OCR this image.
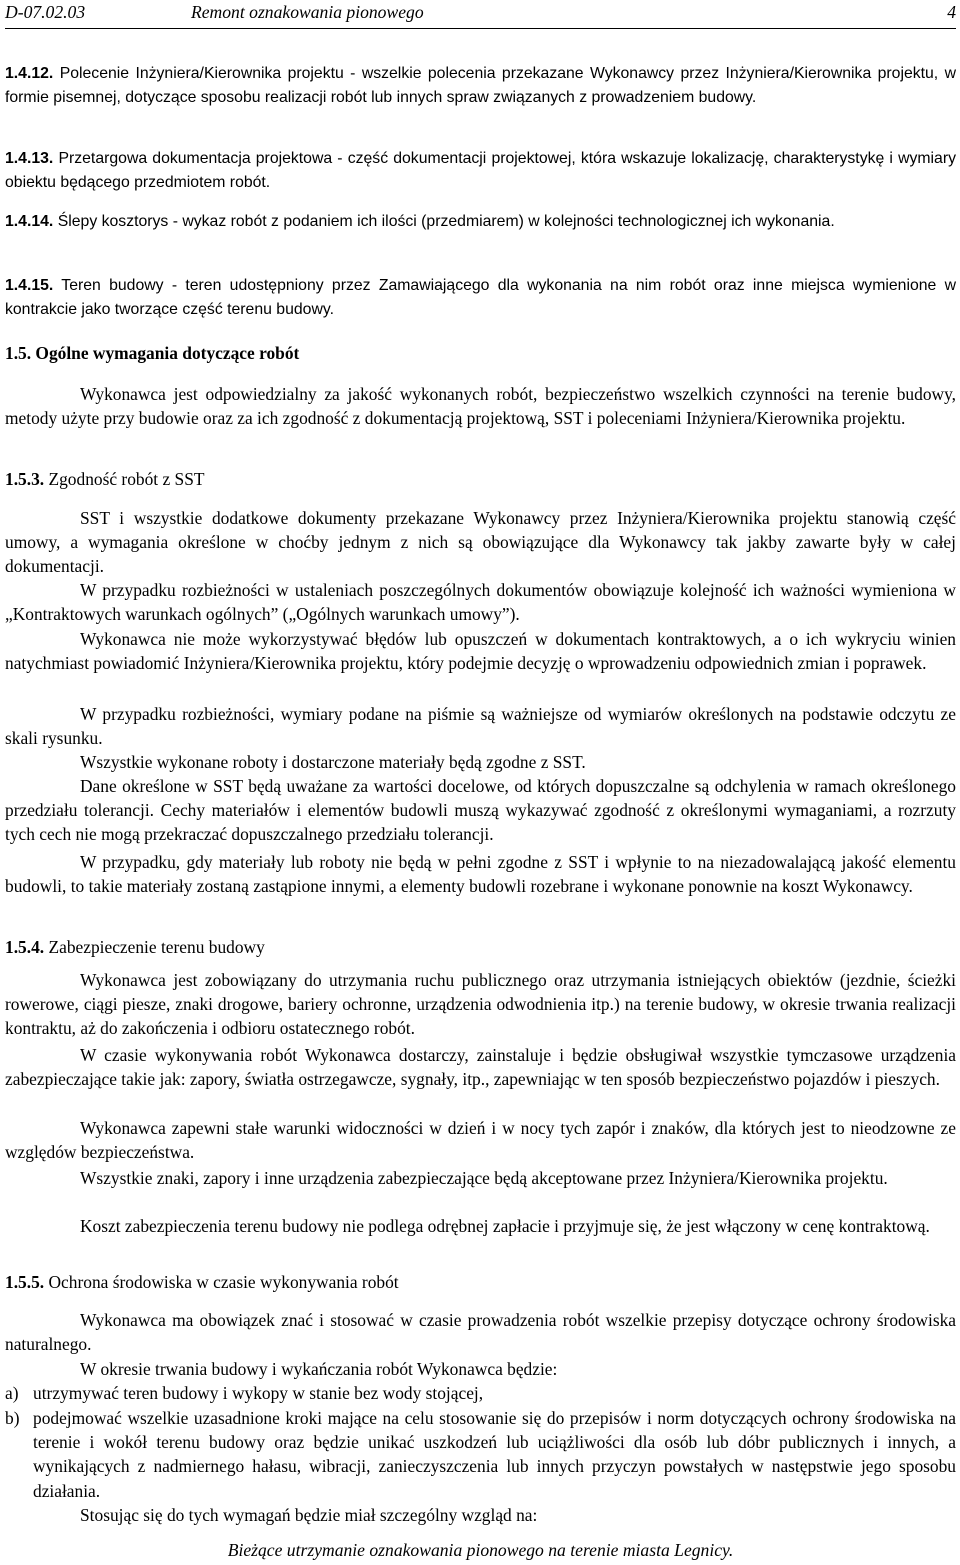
D-07.02.03	Remont oznakowania pionowego	4
1.4.12. Polecenie Inżyniera/Kierownika projektu - wszelkie polecenia przekazane Wykonawcy przez Inżyniera/Kierownika projektu, w formie pisemnej, dotyczące sposobu realizacji robót lub innych spraw związanych z prowadzeniem budowy.
1.4.13. Przetargowa dokumentacja projektowa - część dokumentacji projektowej, która wskazuje lokalizację, charakterystykę i wymiary obiektu będącego przedmiotem robót.
1.4.14. Ślepy kosztorys - wykaz robót z podaniem ich ilości (przedmiarem) w kolejności technologicznej ich wykonania.
1.4.15. Teren budowy - teren udostępniony przez Zamawiającego dla wykonania na nim robót oraz inne miejsca wymienione w kontrakcie jako tworzące część terenu budowy.
1.5. Ogólne wymagania dotyczące robót
Wykonawca jest odpowiedzialny za jakość wykonanych robót, bezpieczeństwo wszelkich czynności na terenie budowy, metody użyte przy budowie oraz za ich zgodność z dokumentacją projektową, SST i poleceniami Inżyniera/Kierownika projektu.
1.5.3. Zgodność robót z SST
SST i wszystkie dodatkowe dokumenty przekazane Wykonawcy przez Inżyniera/Kierownika projektu stanowią część umowy, a wymagania określone w choćby jednym z nich są obowiązujące dla Wykonawcy tak jakby zawarte były w całej dokumentacji.
W przypadku rozbieżności w ustaleniach poszczególnych dokumentów obowiązuje kolejność ich ważności wymieniona w „Kontraktowych warunkach ogólnych” („Ogólnych warunkach umowy”).
Wykonawca nie może wykorzystywać błędów lub opuszczeń w dokumentach kontraktowych, a o ich wykryciu winien natychmiast powiadomić Inżyniera/Kierownika projektu, który podejmie decyzję o wprowadzeniu odpowiednich zmian i poprawek.
W przypadku rozbieżności, wymiary podane na piśmie są ważniejsze od wymiarów określonych na podstawie odczytu ze skali rysunku.
Wszystkie wykonane roboty i dostarczone materiały będą zgodne z SST.
Dane określone w SST będą uważane za wartości docelowe, od których dopuszczalne są odchylenia w ramach określonego przedziału tolerancji. Cechy materiałów i elementów budowli muszą wykazywać zgodność z określonymi wymaganiami, a rozrzuty tych cech nie mogą przekraczać dopuszczalnego przedziału tolerancji.
W przypadku, gdy materiały lub roboty nie będą w pełni zgodne z SST i wpłynie to na niezadowalającą jakość elementu budowli, to takie materiały zostaną zastąpione innymi, a elementy budowli rozebrane i wykonane ponownie na koszt Wykonawcy.
1.5.4. Zabezpieczenie terenu budowy
Wykonawca jest zobowiązany do utrzymania ruchu publicznego oraz utrzymania istniejących obiektów (jezdnie, ścieżki rowerowe, ciągi piesze, znaki drogowe, bariery ochronne, urządzenia odwodnienia itp.) na terenie budowy, w okresie trwania realizacji kontraktu, aż do zakończenia i odbioru ostatecznego robót.
W czasie wykonywania robót Wykonawca dostarczy, zainstaluje i będzie obsługiwał wszystkie tymczasowe urządzenia zabezpieczające takie jak: zapory, światła ostrzegawcze, sygnały, itp., zapewniając w ten sposób bezpieczeństwo pojazdów i pieszych.
Wykonawca zapewni stałe warunki widoczności w dzień i w nocy tych zapór i znaków, dla których jest to nieodzowne ze względów bezpieczeństwa.
Wszystkie znaki, zapory i inne urządzenia zabezpieczające będą akceptowane przez Inżyniera/Kierownika projektu.
Koszt zabezpieczenia terenu budowy nie podlega odrębnej zapłacie i przyjmuje się, że jest włączony w cenę kontraktową.
1.5.5. Ochrona środowiska w czasie wykonywania robót
Wykonawca ma obowiązek znać i stosować w czasie prowadzenia robót wszelkie przepisy dotyczące ochrony środowiska naturalnego.
W okresie trwania budowy i wykańczania robót Wykonawca będzie:
a) utrzymywać teren budowy i wykopy w stanie bez wody stojącej,
b) podejmować wszelkie uzasadnione kroki mające na celu stosowanie się do przepisów i norm dotyczących ochrony środowiska na terenie i wokół terenu budowy oraz będzie unikać uszkodzeń lub uciążliwości dla osób lub dóbr publicznych i innych, a wynikających z nadmiernego hałasu, wibracji, zanieczyszczenia lub innych przyczyn powstałych w następstwie jego sposobu działania.
Stosując się do tych wymagań będzie miał szczególny wzgląd na:
Bieżące utrzymanie oznakowania pionowego na terenie miasta Legnicy.
